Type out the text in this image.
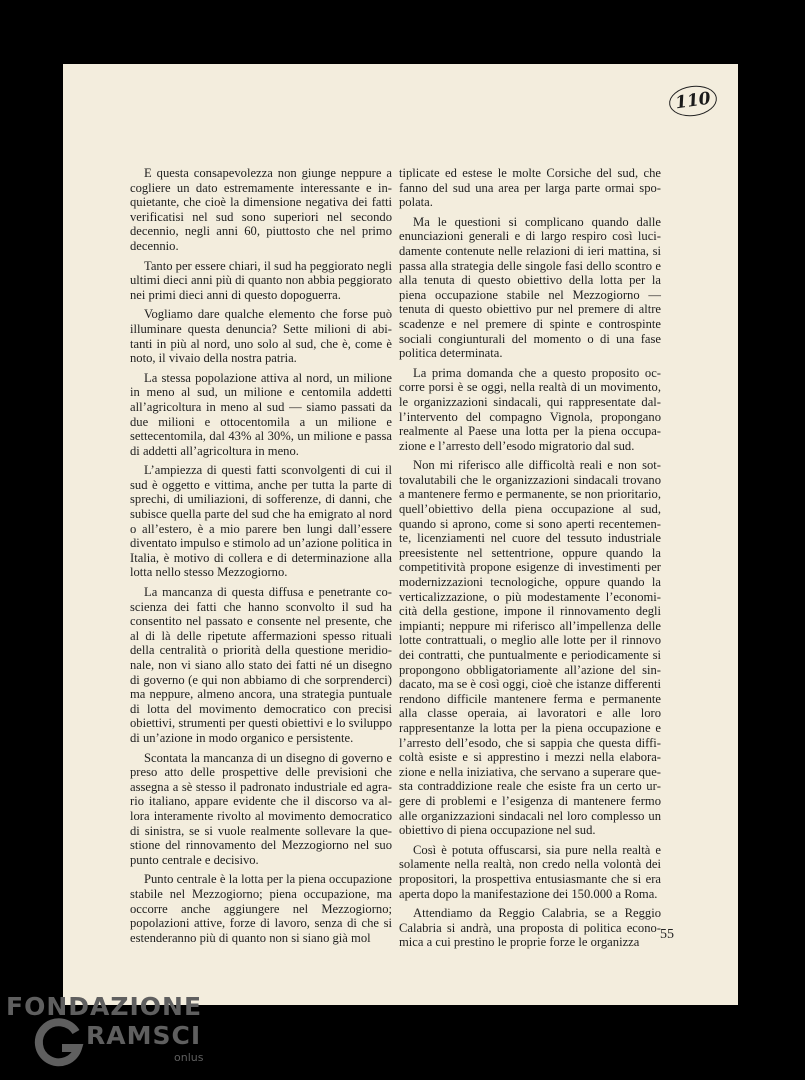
110

E questa consapevolezza non giunge neppure a cogliere un dato estremamente interessante e inquietante, che cioè la dimensione negativa dei fatti verificatisi nel sud sono superiori nel secondo decennio, negli anni 60, piuttosto che nel primo decennio.

Tanto per essere chiari, il sud ha peggiorato negli ultimi dieci anni più di quanto non abbia peggiorato nei primi dieci anni di questo dopoguerra.

Vogliamo dare qualche elemento che forse può illuminare questa denuncia? Sette milioni di abitanti in più al nord, uno solo al sud, che è, come è noto, il vivaio della nostra patria.

La stessa popolazione attiva al nord, un milione in meno al sud, un milione e centomila addetti all’agricoltura in meno al sud — siamo passati da due milioni e ottocentomila a un milione e settecentomila, dal 43% al 30%, un milione e passa di addetti all’agricoltura in meno.

L’ampiezza di questi fatti sconvolgenti di cui il sud è oggetto e vittima, anche per tutta la parte di sprechi, di umiliazioni, di sofferenze, di danni, che subisce quella parte del sud che ha emigrato al nord o all’estero, è a mio parere ben lungi dall’essere diventato impulso e stimolo ad un’azione politica in Italia, è motivo di collera e di determinazione alla lotta nello stesso Mezzogiorno.

La mancanza di questa diffusa e penetrante coscienza dei fatti che hanno sconvolto il sud ha consentito nel passato e consente nel presente, che al di là delle ripetute affermazioni spesso rituali della centralità o priorità della questione meridionale, non vi siano allo stato dei fatti né un disegno di governo (e qui non abbiamo di che sorprenderci) ma neppure, almeno ancora, una strategia puntuale di lotta del movimento democratico con precisi obiettivi, strumenti per questi obiettivi e lo sviluppo di un’azione in modo organico e persistente.

Scontata la mancanza di un disegno di governo e preso atto delle prospettive delle previsioni che assegna a sè stesso il padronato industriale ed agrario italiano, appare evidente che il discorso va allora interamente rivolto al movimento democratico di sinistra, se si vuole realmente sollevare la questione del rinnovamento del Mezzogiorno nel suo punto centrale e decisivo.

Punto centrale è la lotta per la piena occupazione stabile nel Mezzogiorno; piena occupazione, ma occorre anche aggiungere nel Mezzogiorno; popolazioni attive, forze di lavoro, senza di che si estenderanno più di quanto non si siano già mol

tiplicate ed estese le molte Corsiche del sud, che fanno del sud una area per larga parte ormai spopolata.

Ma le questioni si complicano quando dalle enunciazioni generali e di largo respiro così lucidamente contenute nelle relazioni di ieri mattina, si passa alla strategia delle singole fasi dello scontro e alla tenuta di questo obiettivo della lotta per la piena occupazione stabile nel Mezzogiorno — tenuta di questo obiettivo pur nel premere di altre scadenze e nel premere di spinte e controspinte sociali congiunturali del momento o di una fase politica determinata.

La prima domanda che a questo proposito occorre porsi è se oggi, nella realtà di un movimento, le organizzazioni sindacali, qui rappresentate dall’intervento del compagno Vignola, propongano realmente al Paese una lotta per la piena occupazione e l’arresto dell’esodo migratorio dal sud.

Non mi riferisco alle difficoltà reali e non sottovalutabili che le organizzazioni sindacali trovano a mantenere fermo e permanente, se non prioritario, quell’obiettivo della piena occupazione al sud, quando si aprono, come si sono aperti recentemente, licenziamenti nel cuore del tessuto industriale preesistente nel settentrione, oppure quando la competitività propone esigenze di investimenti per modernizzazioni tecnologiche, oppure quando la verticalizzazione, o più modestamente l’economicità della gestione, impone il rinnovamento degli impianti; neppure mi riferisco all’impellenza delle lotte contrattuali, o meglio alle lotte per il rinnovo dei contratti, che puntualmente e periodicamente si propongono obbligatoriamente all’azione del sindacato, ma se è così oggi, cioè che istanze differenti rendono difficile mantenere ferma e permanente alla classe operaia, ai lavoratori e alle loro rappresentanze la lotta per la piena occupazione e l’arresto dell’esodo, che si sappia che questa difficoltà esiste e si apprestino i mezzi nella elaborazione e nella iniziativa, che servano a superare questa contraddizione reale che esiste fra un certo urgere di problemi e l’esigenza di mantenere fermo alle organizzazioni sindacali nel loro complesso un obiettivo di piena occupazione nel sud.

Così è potuta offuscarsi, sia pure nella realtà e solamente nella realtà, non credo nella volontà dei propositori, la prospettiva entusiasmante che si era aperta dopo la manifestazione dei 150.000 a Roma.

Attendiamo da Reggio Calabria, se a Reggio Calabria si andrà, una proposta di politica economica a cui prestino le proprie forze le organizza

55
FONDAZIONE
RAMSCI
onlus
